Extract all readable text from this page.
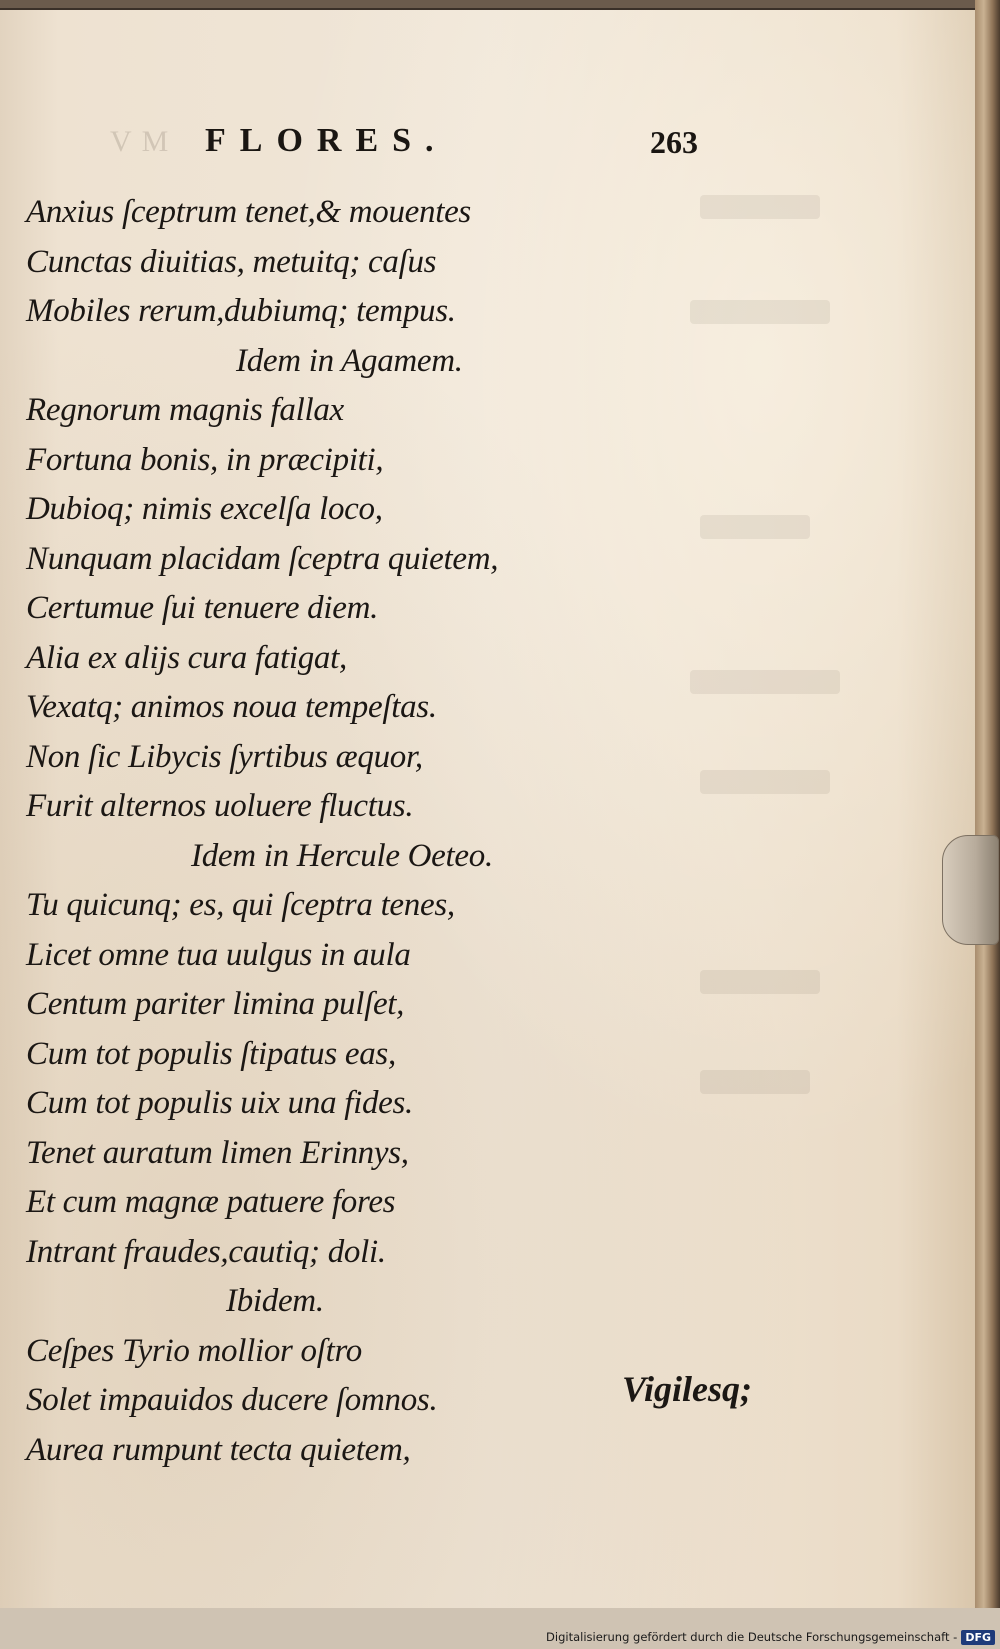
VM FLORES.	263
Anxius ſceptrum tenet,& mouentes
Cunctas diuitias, metuitq; caſus
Mobiles rerum,dubiumq; tempus.
Idem in Agamem.
Regnorum magnis fallax
Fortuna bonis, in præcipiti,
Dubioq; nimis excelſa loco,
Nunquam placidam ſceptra quietem,
Certumue ſui tenuere diem.
Alia ex alijs cura fatigat,
Vexatq; animos noua tempeſtas.
Non ſic Libycis ſyrtibus æquor,
Furit alternos uoluere fluctus.
Idem in Hercule Oeteo.
Tu quicunq; es, qui ſceptra tenes,
Licet omne tua uulgus in aula
Centum pariter limina pulſet,
Cum tot populis ſtipatus eas,
Cum tot populis uix una fides.
Tenet auratum limen Erinnys,
Et cum magnæ patuere fores
Intrant fraudes,cautiq; doli.
Ibidem.
Ceſpes Tyrio mollior oſtro
Solet impauidos ducere ſomnos.
Aurea rumpunt tecta quietem,
Vigilesq;
Digitalisierung gefördert durch die Deutsche Forschungsgemeinschaft - DFG
